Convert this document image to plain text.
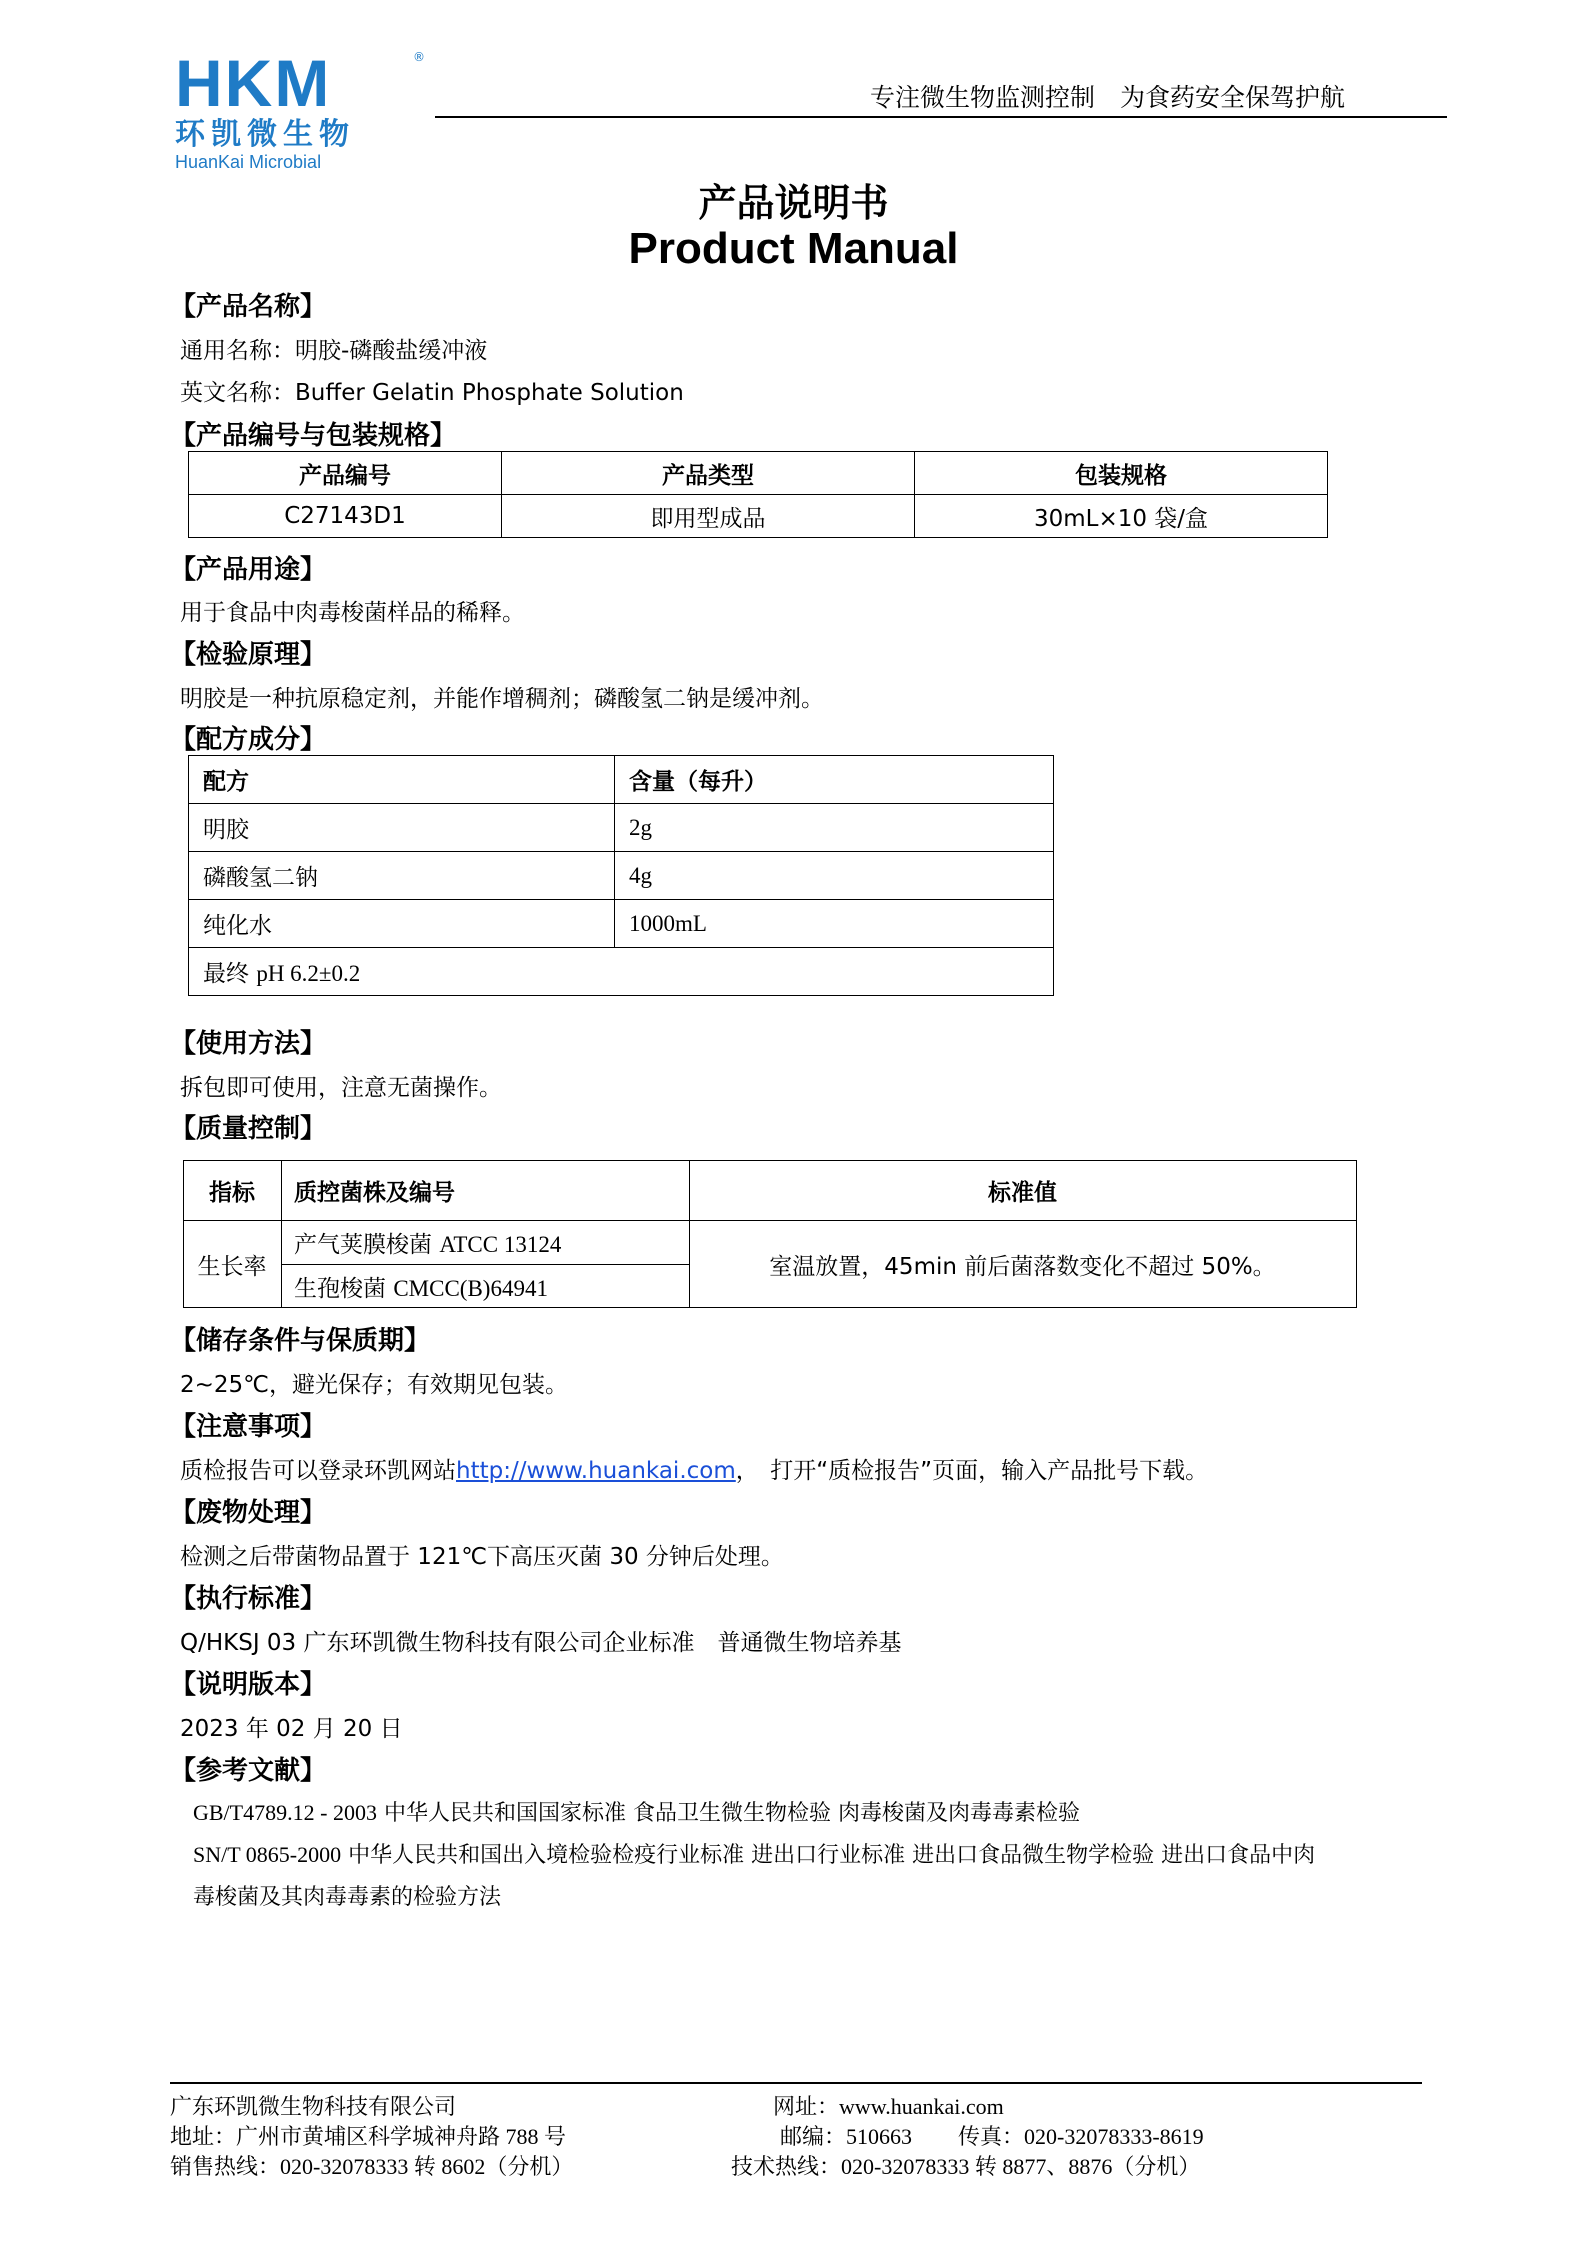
HKM	®
环凯微生物
HuanKai Microbial
专注微生物监测控制　为食药安全保驾护航
产品说明书
Product Manual
【产品名称】
通用名称：明胶-磷酸盐缓冲液
英文名称：Buffer Gelatin Phosphate Solution
【产品编号与包装规格】
产品编号	产品类型	包装规格
C27143D1	即用型成品	30mL×10 袋/盒
【产品用途】
用于食品中肉毒梭菌样品的稀释。
【检验原理】
明胶是一种抗原稳定剂，并能作增稠剂；磷酸氢二钠是缓冲剂。
【配方成分】
配方	含量（每升）
明胶	2g
磷酸氢二钠	4g
纯化水	1000mL
最终 pH 6.2±0.2	
【使用方法】
拆包即可使用，注意无菌操作。
【质量控制】
指标	质控菌株及编号	标准值
生长率	产气荚膜梭菌 ATCC 13124	室温放置，45min 前后菌落数变化不超过 50%。
	生孢梭菌 CMCC(B)64941	
【储存条件与保质期】
2~25℃，避光保存；有效期见包装。
【注意事项】
质检报告可以登录环凯网站http://www.huankai.com，　打开“质检报告”页面，输入产品批号下载。
【废物处理】
检测之后带菌物品置于 121℃下高压灭菌 30 分钟后处理。
【执行标准】
Q/HKSJ 03 广东环凯微生物科技有限公司企业标准　普通微生物培养基
【说明版本】
2023 年 02 月 20 日
【参考文献】
GB/T4789.12 - 2003 中华人民共和国国家标准 食品卫生微生物检验 肉毒梭菌及肉毒毒素检验
SN/T 0865-2000 中华人民共和国出入境检验检疫行业标准 进出口行业标准 进出口食品微生物学检验 进出口食品中肉
毒梭菌及其肉毒毒素的检验方法
广东环凯微生物科技有限公司	网址：www.huankai.com
地址：广州市黄埔区科学城神舟路 788 号	邮编：510663 传真：020-32078333-8619
销售热线：020-32078333 转 8602（分机）	技术热线：020-32078333 转 8877、8876（分机）
